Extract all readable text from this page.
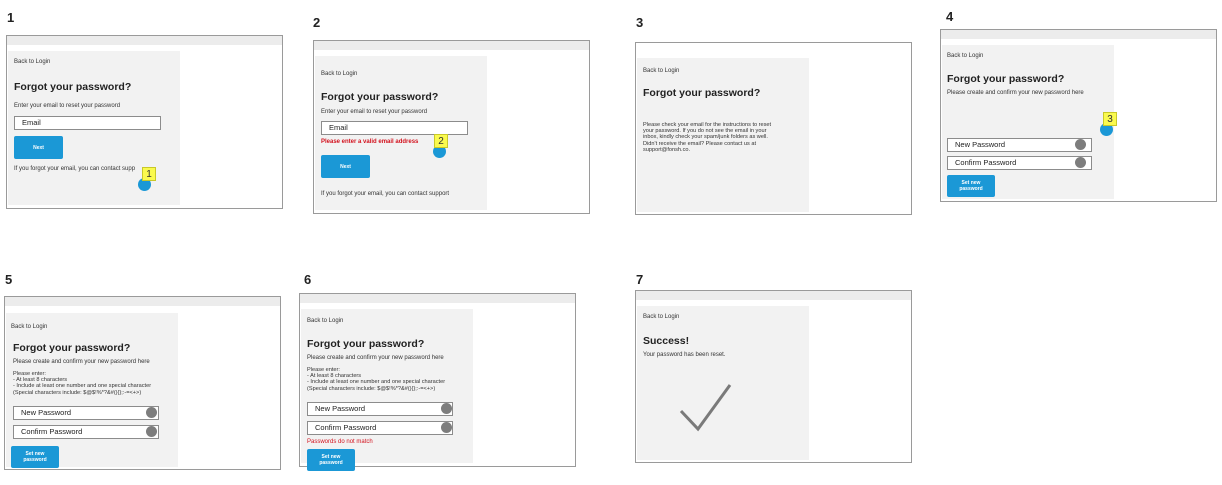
1
Back to Login
Forgot your password?
Enter your email to reset your password
Email
Next
If you forgot your email, you can contact supp	1
2
Back to Login
Forgot your password?
Enter your email to reset your password
Email
Please enter a valid email address
Next
If you forgot your email, you can contact support
2
3
Back to Login
Forgot your password?
Please check your email for the instructions to reset
your password. If you do not see the email in your
inbox, kindly check your spam/junk folders as well.
Didn't receive the email? Please contact us at
support@fonsh.co.
4
Back to Login
Forgot your password?
Please create and confirm your new password here
New Password
Confirm Password
Set new
password
3
5
Back to Login
Forgot your password?
Please create and confirm your new password here
Please enter:
- At least 8 characters
- Include at least one number and one special character
(Special characters include: $@$!%*?&#(){};:-=<+>)
New Password
Confirm Password
Set new
password
6
Back to Login
Forgot your password?
Please create and confirm your new password here
Please enter:
- At least 8 characters
- Include at least one number and one special character
(Special characters include: $@$!%*?&#(){};:-=<+>)
New Password
Confirm Password
Passwords do not match
Set new
password
7
Back to Login
Success!
Your password has been reset.
